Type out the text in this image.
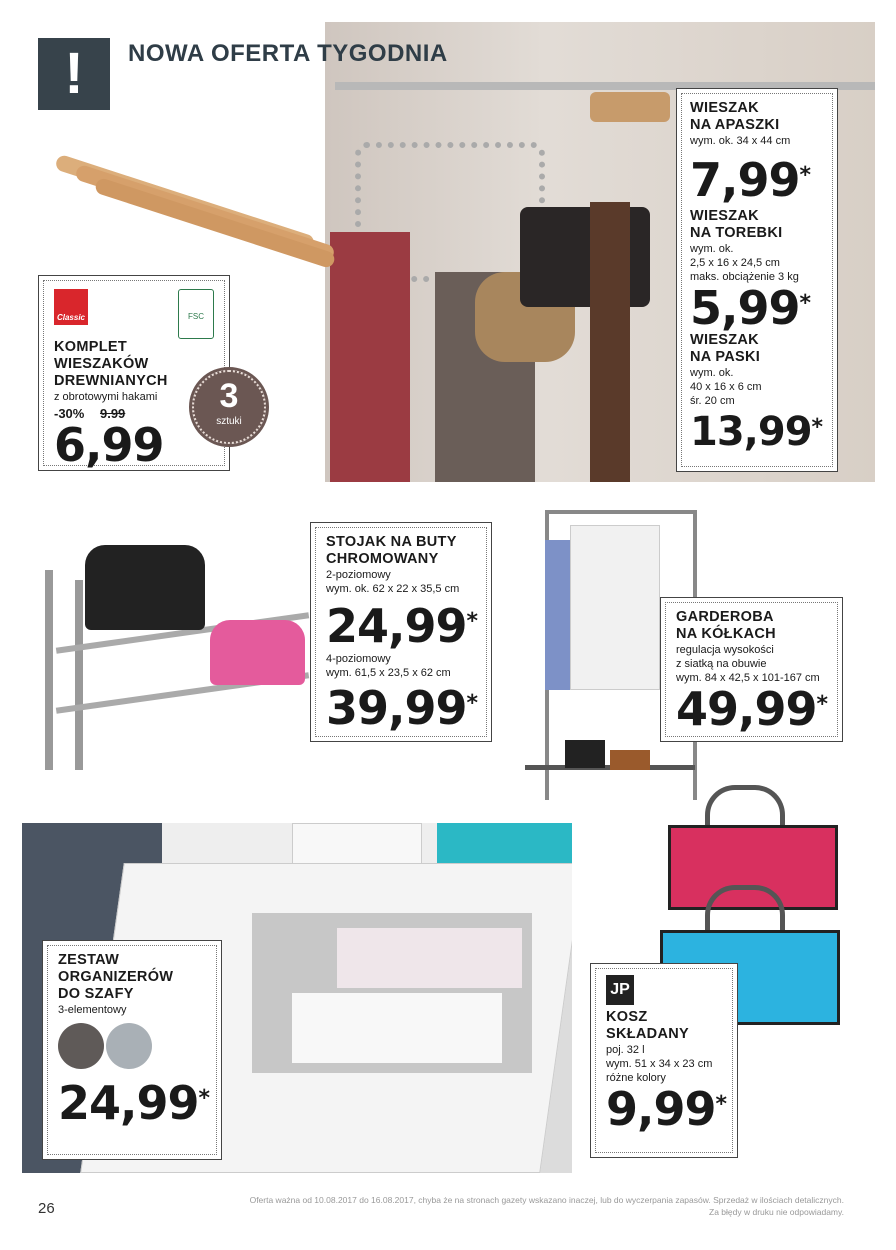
!	NOWA OFERTA TYGODNIA
Classic	FSC
KOMPLET
WIESZAKÓW
DREWNIANYCH
z obrotowymi hakami
-30% 9.99
6,99
3
sztuki
WIESZAK
NA APASZKI
wym. ok. 34 x 44 cm
7,99*
WIESZAK
NA TOREBKI
wym. ok.
2,5 x 16 x 24,5 cm
maks. obciążenie 3 kg
5,99*
WIESZAK
NA PASKI
wym. ok.
40 x 16 x 6 cm
śr. 20 cm
13,99*
STOJAK NA BUTY
CHROMOWANY
2-poziomowy
wym. ok. 62 x 22 x 35,5 cm
24,99*
4-poziomowy
wym. 61,5 x 23,5 x 62 cm
39,99*
GARDEROBA
NA KÓŁKACH
regulacja wysokości
z siatką na obuwie
wym. 84 x 42,5 x 101-167 cm
49,99*
ZESTAW
ORGANIZERÓW
DO SZAFY
3-elementowy
24,99*
JP
KOSZ
SKŁADANY
poj. 32 l
wym. 51 x 34 x 23 cm
różne kolory
9,99*
26	Oferta ważna od 10.08.2017 do 16.08.2017, chyba że na stronach gazety wskazano inaczej, lub do wyczerpania zapasów. Sprzedaż w ilościach detalicznych.
Za błędy w druku nie odpowiadamy.
